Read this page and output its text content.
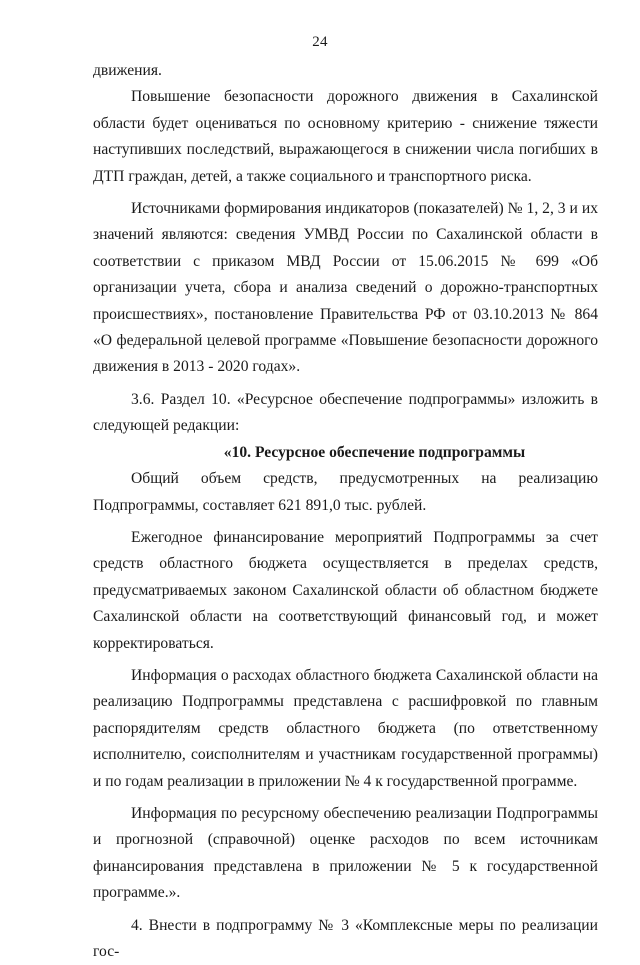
24

движения.

Повышение безопасности дорожного движения в Сахалинской области будет оцениваться по основному критерию - снижение тяжести наступивших последствий, выражающегося в снижении числа погибших в ДТП граждан, детей, а также социального и транспортного риска.

Источниками формирования индикаторов (показателей) № 1, 2, 3 и их значений являются: сведения УМВД России по Сахалинской области в соответствии с приказом МВД России от 15.06.2015 № 699 «Об организации учета, сбора и анализа сведений о дорожно-транспортных происшествиях», постановление Правительства РФ от 03.10.2013 № 864 «О федеральной целевой программе «Повышение безопасности дорожного движения в 2013 - 2020 годах».

3.6. Раздел 10. «Ресурсное обеспечение подпрограммы» изложить в следующей редакции:

«10. Ресурсное обеспечение подпрограммы

Общий объем средств, предусмотренных на реализацию Подпрограммы, составляет 621 891,0 тыс. рублей.

Ежегодное финансирование мероприятий Подпрограммы за счет средств областного бюджета осуществляется в пределах средств, предусматриваемых законом Сахалинской области об областном бюджете Сахалинской области на соответствующий финансовый год, и может корректироваться.

Информация о расходах областного бюджета Сахалинской области на реализацию Подпрограммы представлена с расшифровкой по главным распорядителям средств областного бюджета (по ответственному исполнителю, соисполнителям и участникам государственной программы) и по годам реализации в приложении № 4 к государственной программе.

Информация по ресурсному обеспечению реализации Подпрограммы и прогнозной (справочной) оценке расходов по всем источникам финансирования представлена в приложении № 5 к государственной программе.».

4. Внести в подпрограмму № 3 «Комплексные меры по реализации гос-
